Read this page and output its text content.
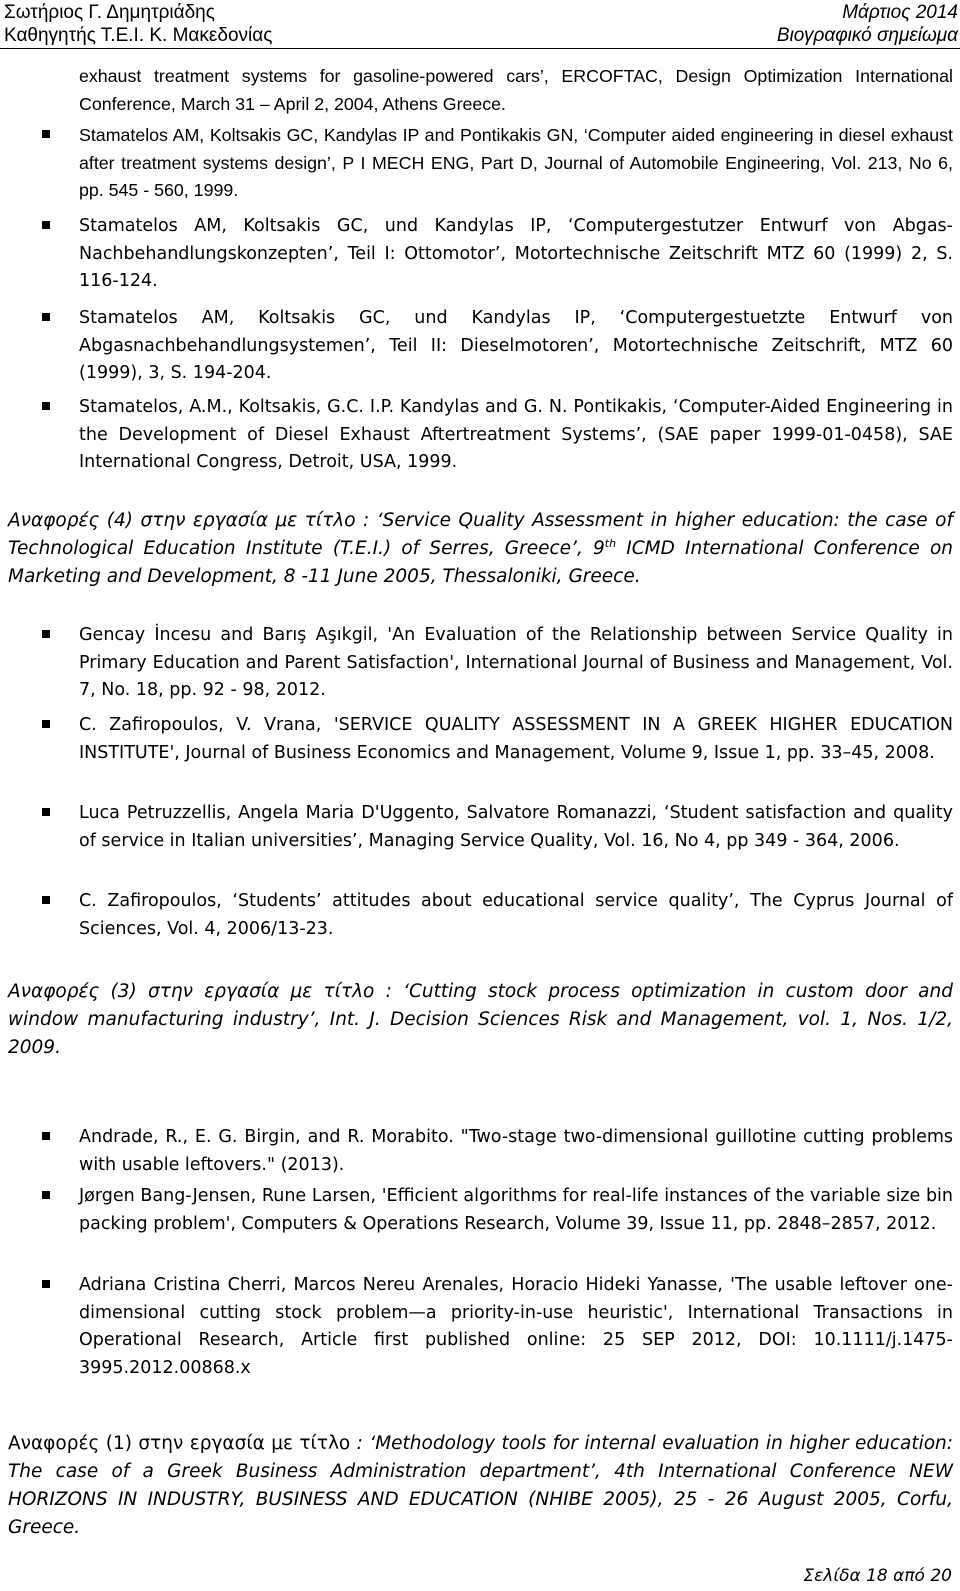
Σωτήριος Γ. Δημητριάδης
Καθηγητής Τ.Ε.Ι. Κ. Μακεδονίας
Μάρτιος 2014
Βιογραφικό σημείωμα
exhaust treatment systems for gasoline-powered cars’, ERCOFTAC, Design Optimization International Conference, March 31 – April 2, 2004, Athens Greece.
Stamatelos AM, Koltsakis GC, Kandylas IP and Pontikakis GN, ‘Computer aided engineering in diesel exhaust after treatment systems design’, P I MECH ENG, Part D, Journal of Automobile Engineering, Vol. 213, No 6, pp. 545 - 560, 1999.
Stamatelos AM, Koltsakis GC, und Kandylas IP, ‘Computergestutzer Entwurf von Abgas-Nachbehandlungskonzepten’, Teil I: Ottomotor’, Motortechnische Zeitschrift MTZ 60 (1999) 2, S. 116-124.
Stamatelos AM, Koltsakis GC, und Kandylas IP, ‘Computergestuetzte Entwurf von Abgasnachbehandlungsystemen’, Teil II: Dieselmotoren’, Motortechnische Zeitschrift, MTZ 60 (1999), 3, S. 194-204.
Stamatelos, A.M., Koltsakis, G.C. I.P. Kandylas and G. N. Pontikakis, ‘Computer-Aided Engineering in the Development of Diesel Exhaust Aftertreatment Systems’, (SAE paper 1999-01-0458), SAE International Congress, Detroit, USA, 1999.
Αναφορές (4) στην εργασία με τίτλο : ‘Service Quality Assessment in higher education: the case of Technological Education Institute (T.E.I.) of Serres, Greece’, 9th ICMD International Conference on Marketing and Development, 8 -11 June 2005, Thessaloniki, Greece.
Gencay İncesu and Barış Aşıkgil, 'An Evaluation of the Relationship between Service Quality in Primary Education and Parent Satisfaction', International Journal of Business and Management, Vol. 7, No. 18, pp. 92 - 98, 2012.
C. Zafiropoulos, V. Vrana, 'SERVICE QUALITY ASSESSMENT IN A GREEK HIGHER EDUCATION INSTITUTE', Journal of Business Economics and Management, Volume 9, Issue 1, pp. 33–45, 2008.
Luca Petruzzellis, Angela Maria D'Uggento, Salvatore Romanazzi, ‘Student satisfaction and quality of service in Italian universities’, Managing Service Quality, Vol. 16, No 4, pp 349 - 364, 2006.
C. Zafiropoulos, ‘Students’ attitudes about educational service quality’, The Cyprus Journal of Sciences, Vol. 4, 2006/13-23.
Αναφορές (3) στην εργασία με τίτλο : ‘Cutting stock process optimization in custom door and window manufacturing industry’, Int. J. Decision Sciences Risk and Management, vol. 1, Nos. 1/2, 2009.
Andrade, R., E. G. Birgin, and R. Morabito. "Two-stage two-dimensional guillotine cutting problems with usable leftovers." (2013).
Jørgen Bang-Jensen, Rune Larsen, 'Efficient algorithms for real-life instances of the variable size bin packing problem', Computers & Operations Research, Volume 39, Issue 11, pp. 2848–2857, 2012.
Adriana Cristina Cherri, Marcos Nereu Arenales, Horacio Hideki Yanasse, 'The usable leftover one-dimensional cutting stock problem—a priority-in-use heuristic', International Transactions in Operational Research, Article first published online: 25 SEP 2012, DOI: 10.1111/j.1475-3995.2012.00868.x
Αναφορές (1) στην εργασία με τίτλο : ‘Methodology tools for internal evaluation in higher education: The case of a Greek Business Administration department’, 4th International Conference NEW HORIZONS IN INDUSTRY, BUSINESS AND EDUCATION (NHIBE 2005), 25 - 26 August 2005, Corfu, Greece.
Σελίδα 18 από 20
